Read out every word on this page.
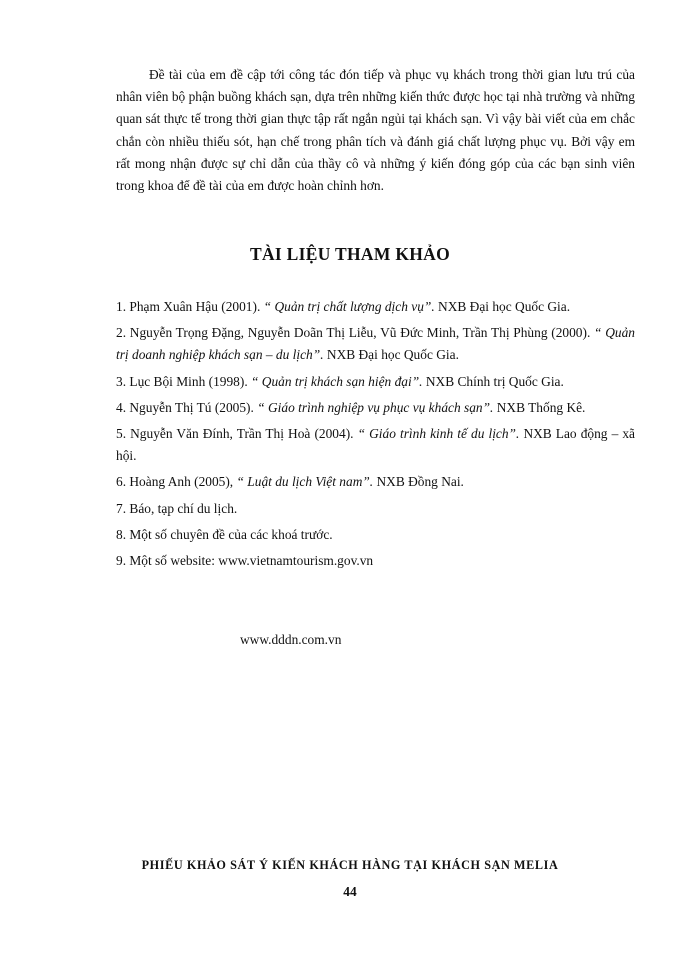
Đề tài của em đề cập tới công tác đón tiếp và phục vụ khách trong thời gian lưu trú của nhân viên bộ phận buồng khách sạn, dựa trên những kiến thức được học tại nhà trường và những quan sát thực tế trong thời gian thực tập rất ngắn ngủi tại khách sạn. Vì vậy bài viết của em chắc chắn còn nhiều thiếu sót, hạn chế trong phân tích và đánh giá chất lượng phục vụ. Bởi vậy em rất mong nhận được sự chỉ dẫn của thầy cô và những ý kiến đóng góp của các bạn sinh viên trong khoa để đề tài của em được hoàn chỉnh hơn.

TÀI LIỆU THAM KHẢO
1. Phạm Xuân Hậu (2001). “ Quản trị chất lượng dịch vụ”. NXB Đại học Quốc Gia.
2. Nguyễn Trọng Đặng, Nguyễn Doãn Thị Liễu, Vũ Đức Minh, Trần Thị Phùng (2000). “ Quản trị doanh nghiệp khách sạn – du lịch”. NXB Đại học Quốc Gia.
3. Lục Bội Minh (1998). “ Quản trị khách sạn hiện đại”. NXB Chính trị Quốc Gia.
4. Nguyễn Thị Tú (2005). “ Giáo trình nghiệp vụ phục vụ khách sạn”. NXB Thống Kê.
5. Nguyễn Văn Đính, Trần Thị Hoà (2004). “ Giáo trình kinh tế du lịch”. NXB Lao động – xã hội.
6. Hoàng Anh (2005), “ Luật du lịch Việt nam”. NXB Đồng Nai.
7. Báo, tạp chí du lịch.
8. Một số chuyên đề của các khoá trước.
9. Một số website: www.vietnamtourism.gov.vn
www.dddn.com.vn
PHIẾU KHẢO SÁT Ý KIẾN KHÁCH HÀNG TẠI KHÁCH SẠN MELIA
44
